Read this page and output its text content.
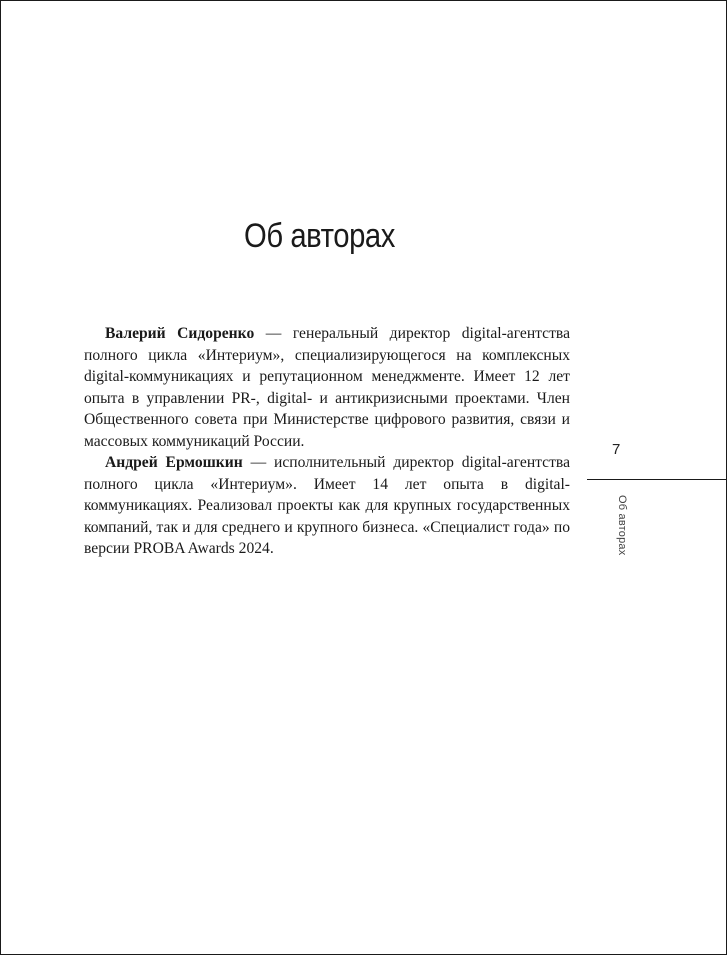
Об авторах

Валерий Сидоренко — генеральный директор digital-агентства полного цикла «Интериум», специализирующегося на комплексных digital-коммуникациях и репутационном менеджменте. Имеет 12 лет опыта в управлении PR-, digital- и антикризисными проектами. Член Общественного совета при Министерстве цифрового развития, связи и массовых коммуникаций России.

Андрей Ермошкин — исполнительный директор digital-агентства полного цикла «Интериум». Имеет 14 лет опыта в digital-коммуникациях. Реализовал проекты как для крупных государственных компаний, так и для среднего и крупного бизнеса. «Специалист года» по версии PROBA Awards 2024.

7
Об авторах
